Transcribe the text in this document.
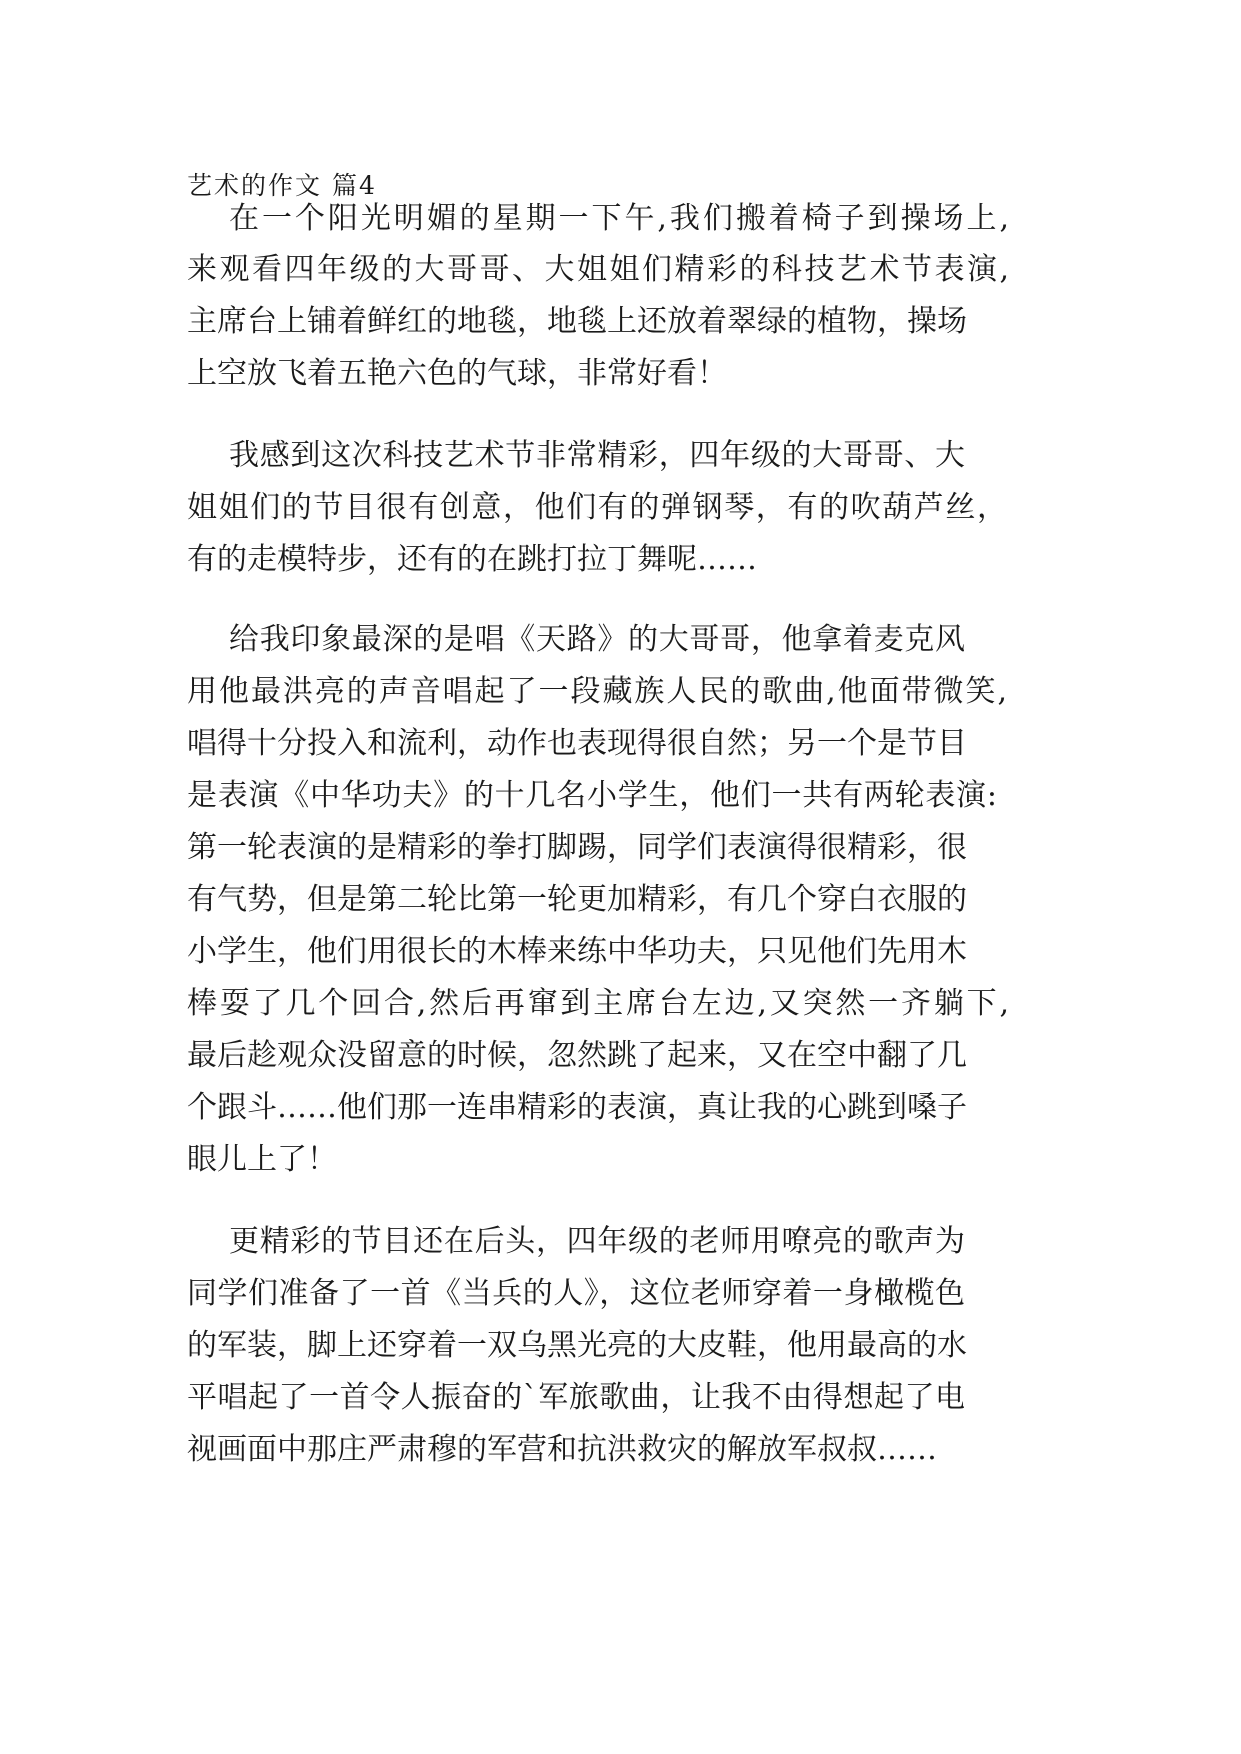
艺术的作文 篇4
在一个阳光明媚的星期一下午,我们搬着椅子到操场上,
来观看四年级的大哥哥、大姐姐们精彩的科技艺术节表演,
主席台上铺着鲜红的地毯，地毯上还放着翠绿的植物，操场
上空放飞着五艳六色的气球，非常好看！
我感到这次科技艺术节非常精彩，四年级的大哥哥、大
姐姐们的节目很有创意，他们有的弹钢琴，有的吹葫芦丝，
有的走模特步，还有的在跳打拉丁舞呢……
给我印象最深的是唱《天路》的大哥哥，他拿着麦克风
用他最洪亮的声音唱起了一段藏族人民的歌曲,他面带微笑,
唱得十分投入和流利，动作也表现得很自然；另一个是节目
是表演《中华功夫》的十几名小学生，他们一共有两轮表演:
第一轮表演的是精彩的拳打脚踢，同学们表演得很精彩，很
有气势，但是第二轮比第一轮更加精彩，有几个穿白衣服的
小学生，他们用很长的木棒来练中华功夫，只见他们先用木
棒耍了几个回合,然后再窜到主席台左边,又突然一齐躺下,
最后趁观众没留意的时候，忽然跳了起来，又在空中翻了几
个跟斗……他们那一连串精彩的表演，真让我的心跳到嗓子
眼儿上了！
更精彩的节目还在后头，四年级的老师用嘹亮的歌声为
同学们准备了一首《当兵的人》，这位老师穿着一身橄榄色
的军装，脚上还穿着一双乌黑光亮的大皮鞋，他用最高的水
平唱起了一首令人振奋的`军旅歌曲，让我不由得想起了电
视画面中那庄严肃穆的军营和抗洪救灾的解放军叔叔……
